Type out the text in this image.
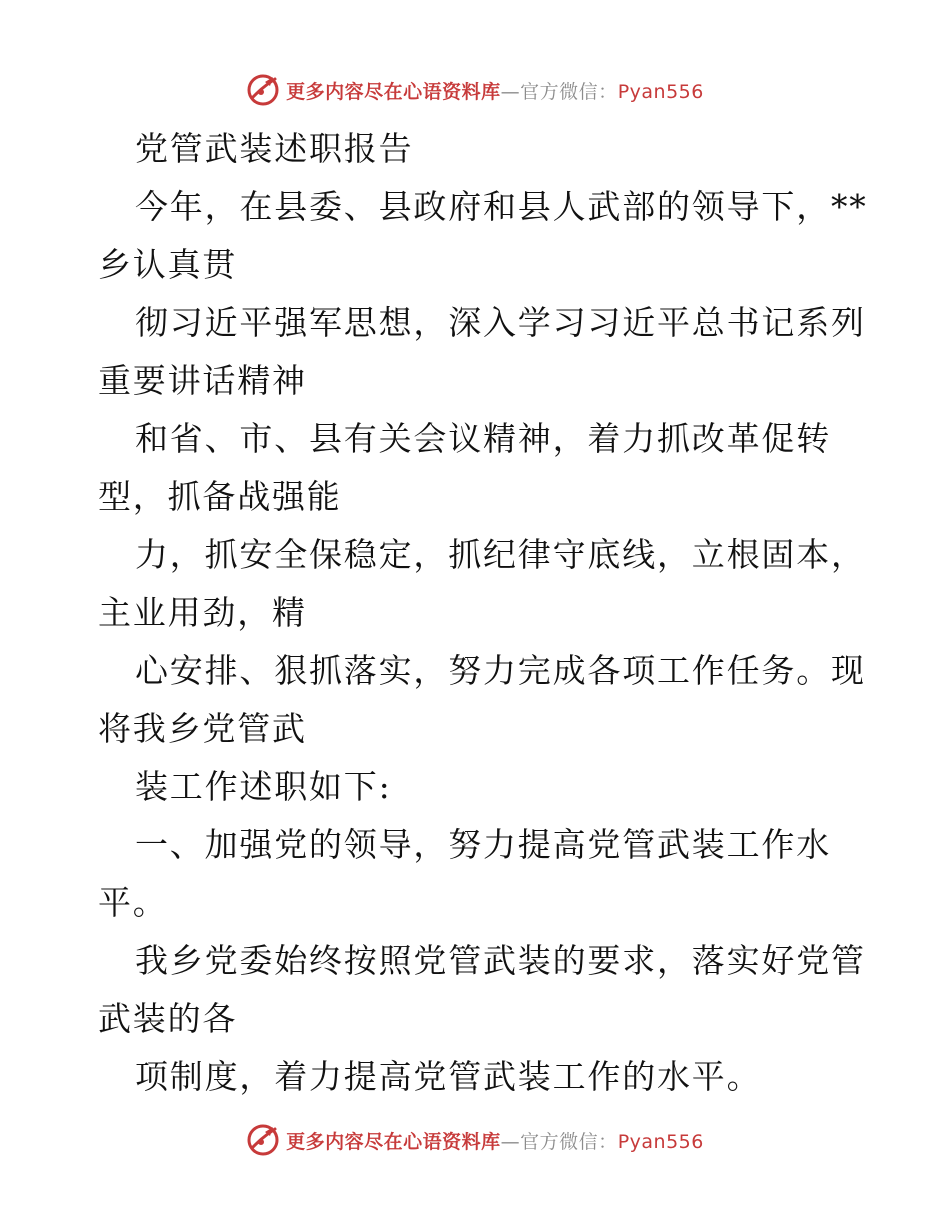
更多内容尽在心语资料库—官方微信：Pyan556
党管武装述职报告
今年，在县委、县政府和县人武部的领导下，**
乡认真贯
彻习近平强军思想，深入学习习近平总书记系列
重要讲话精神
和省、市、县有关会议精神，着力抓改革促转
型，抓备战强能
力，抓安全保稳定，抓纪律守底线，立根固本，
主业用劲，精
心安排、狠抓落实，努力完成各项工作任务。现
将我乡党管武
装工作述职如下:
一、加强党的领导，努力提高党管武装工作水
平。
我乡党委始终按照党管武装的要求，落实好党管
武装的各
项制度，着力提高党管武装工作的水平。
更多内容尽在心语资料库—官方微信：Pyan556
